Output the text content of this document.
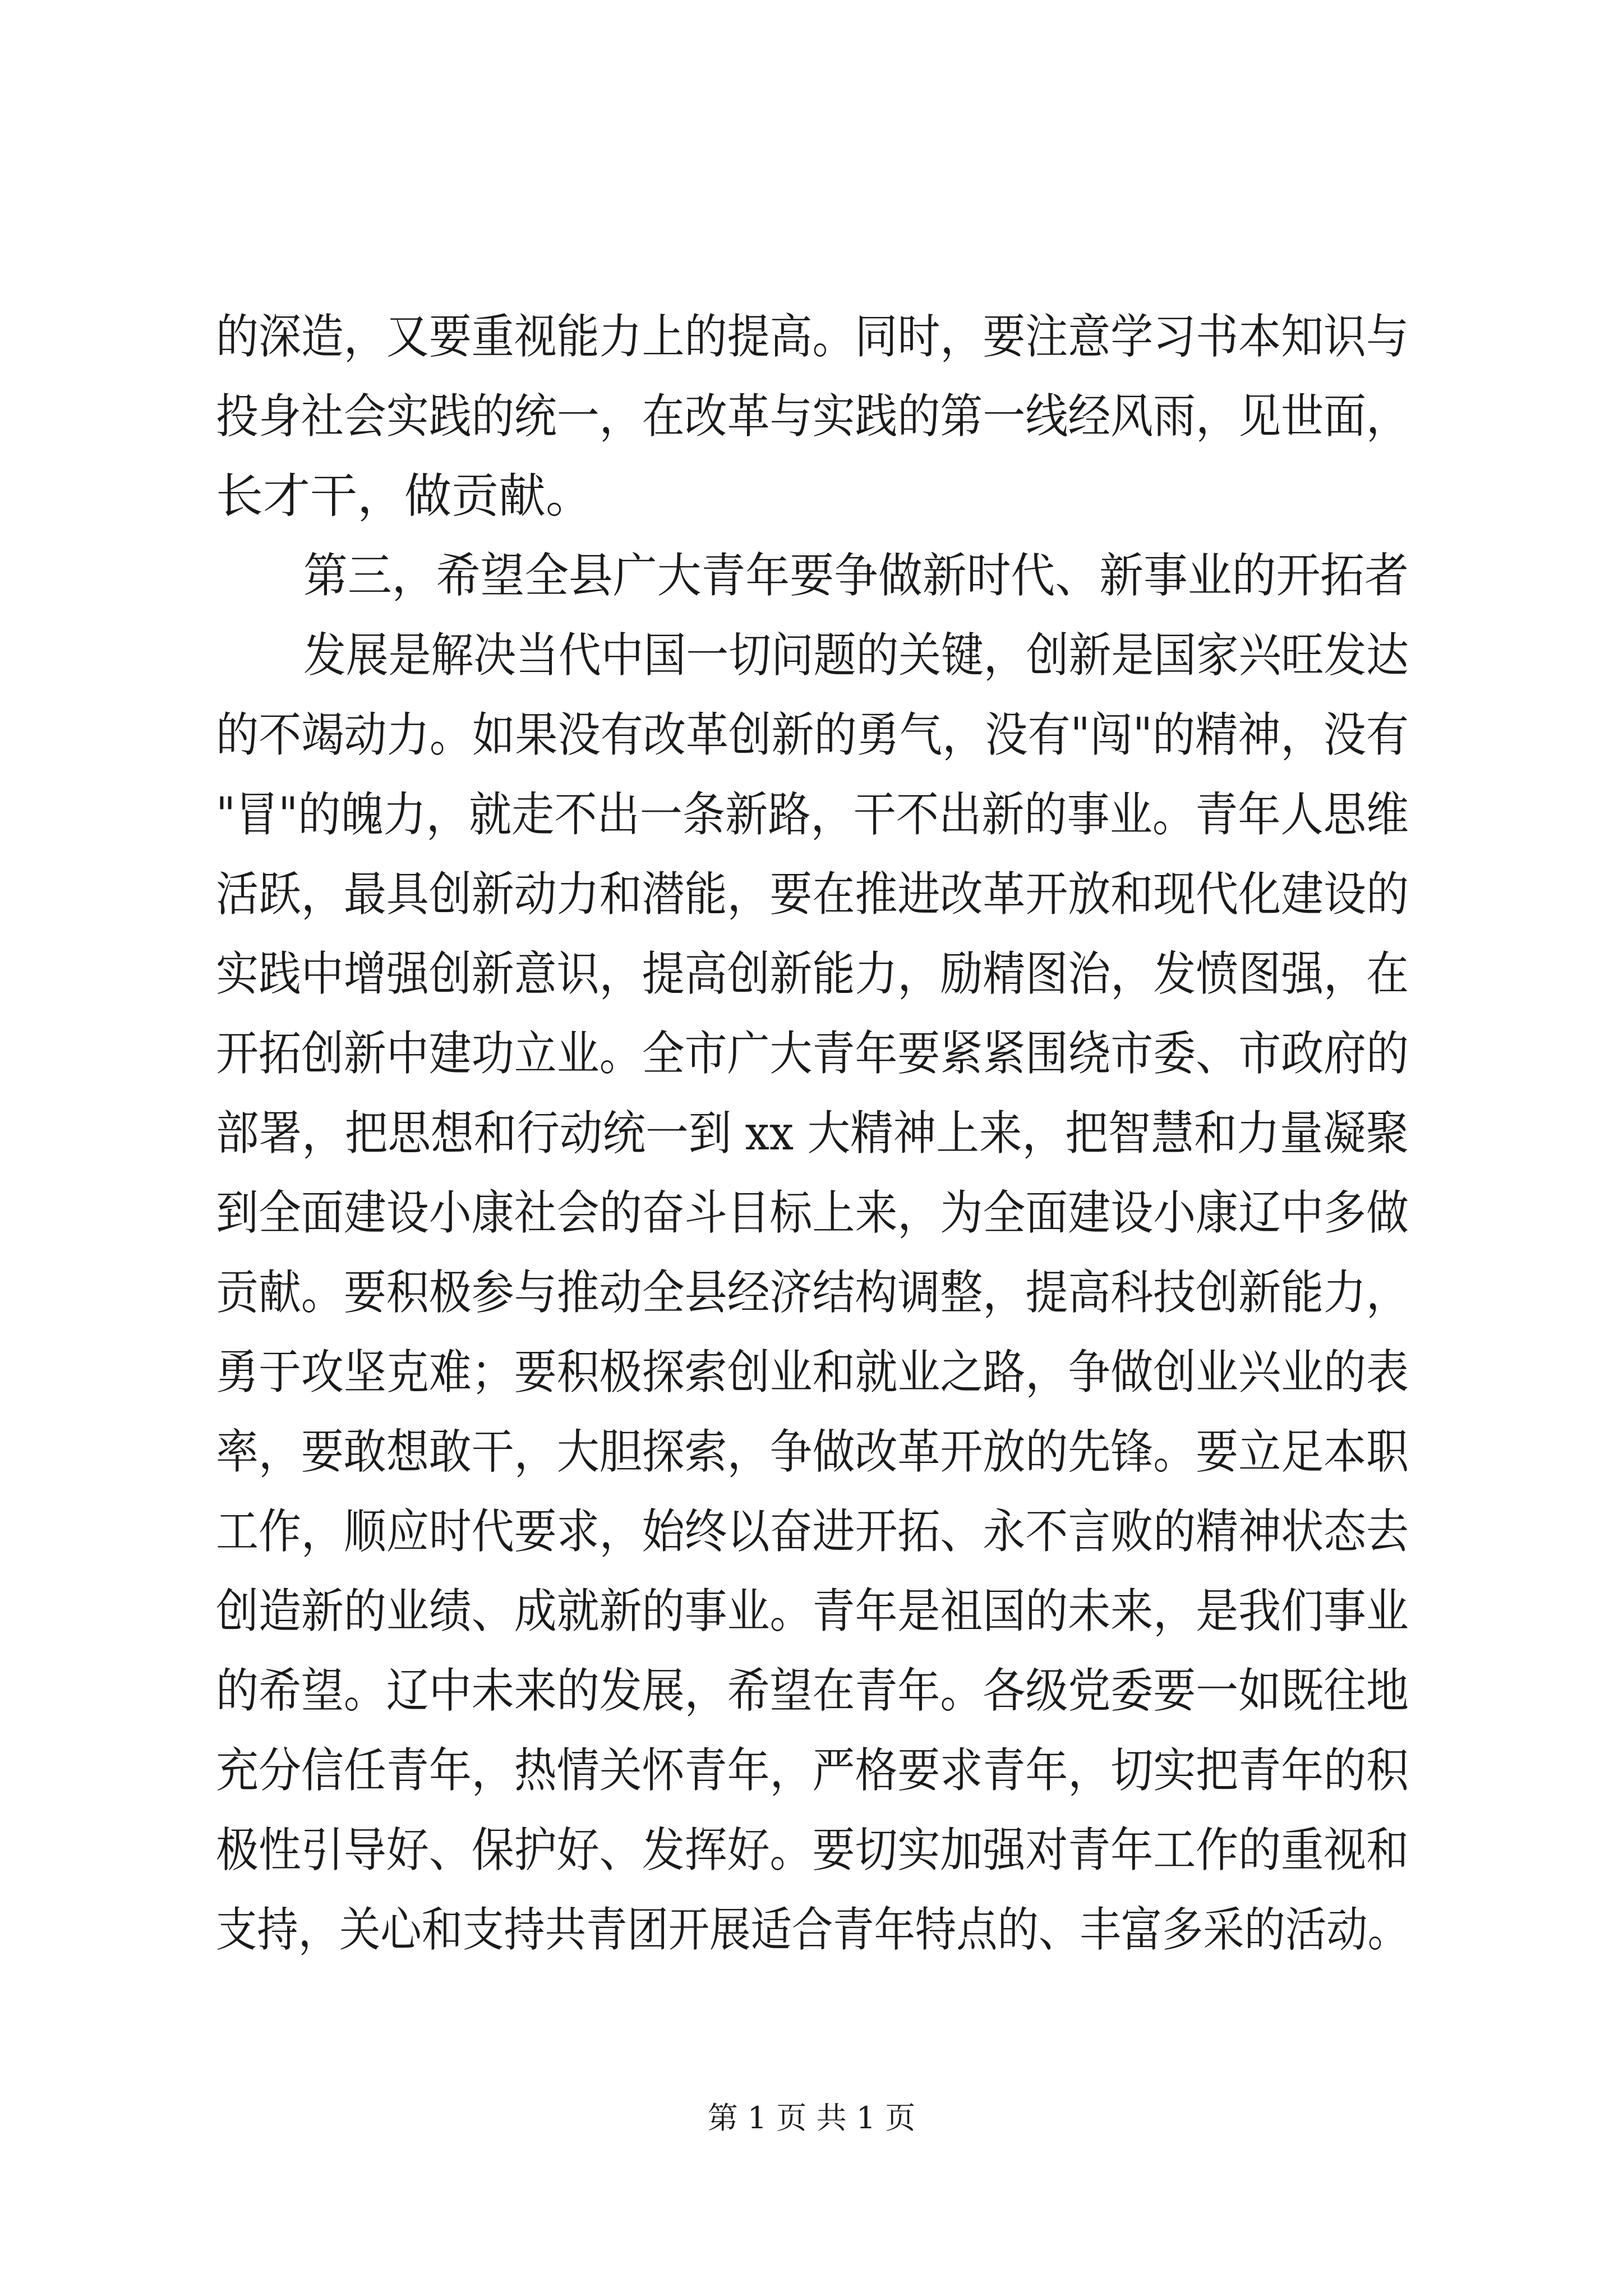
的深造，又要重视能力上的提高。同时，要注意学习书本知识与
投身社会实践的统一，在改革与实践的第一线经风雨，见世面，
长才干，做贡献。
第三，希望全县广大青年要争做新时代、新事业的开拓者
发展是解决当代中国一切问题的关键，创新是国家兴旺发达
的不竭动力。如果没有改革创新的勇气，没有"闯"的精神，没有
"冒"的魄力，就走不出一条新路，干不出新的事业。青年人思维
活跃，最具创新动力和潜能，要在推进改革开放和现代化建设的
实践中增强创新意识，提高创新能力，励精图治，发愤图强，在
开拓创新中建功立业。全市广大青年要紧紧围绕市委、市政府的
部署，把思想和行动统一到 xx 大精神上来，把智慧和力量凝聚
到全面建设小康社会的奋斗目标上来，为全面建设小康辽中多做
贡献。要积极参与推动全县经济结构调整，提高科技创新能力，
勇于攻坚克难；要积极探索创业和就业之路，争做创业兴业的表
率，要敢想敢干，大胆探索，争做改革开放的先锋。要立足本职
工作，顺应时代要求，始终以奋进开拓、永不言败的精神状态去
创造新的业绩、成就新的事业。青年是祖国的未来，是我们事业
的希望。辽中未来的发展，希望在青年。各级党委要一如既往地
充分信任青年，热情关怀青年，严格要求青年，切实把青年的积
极性引导好、保护好、发挥好。要切实加强对青年工作的重视和
支持，关心和支持共青团开展适合青年特点的、丰富多采的活动。
第 1 页 共 1 页
